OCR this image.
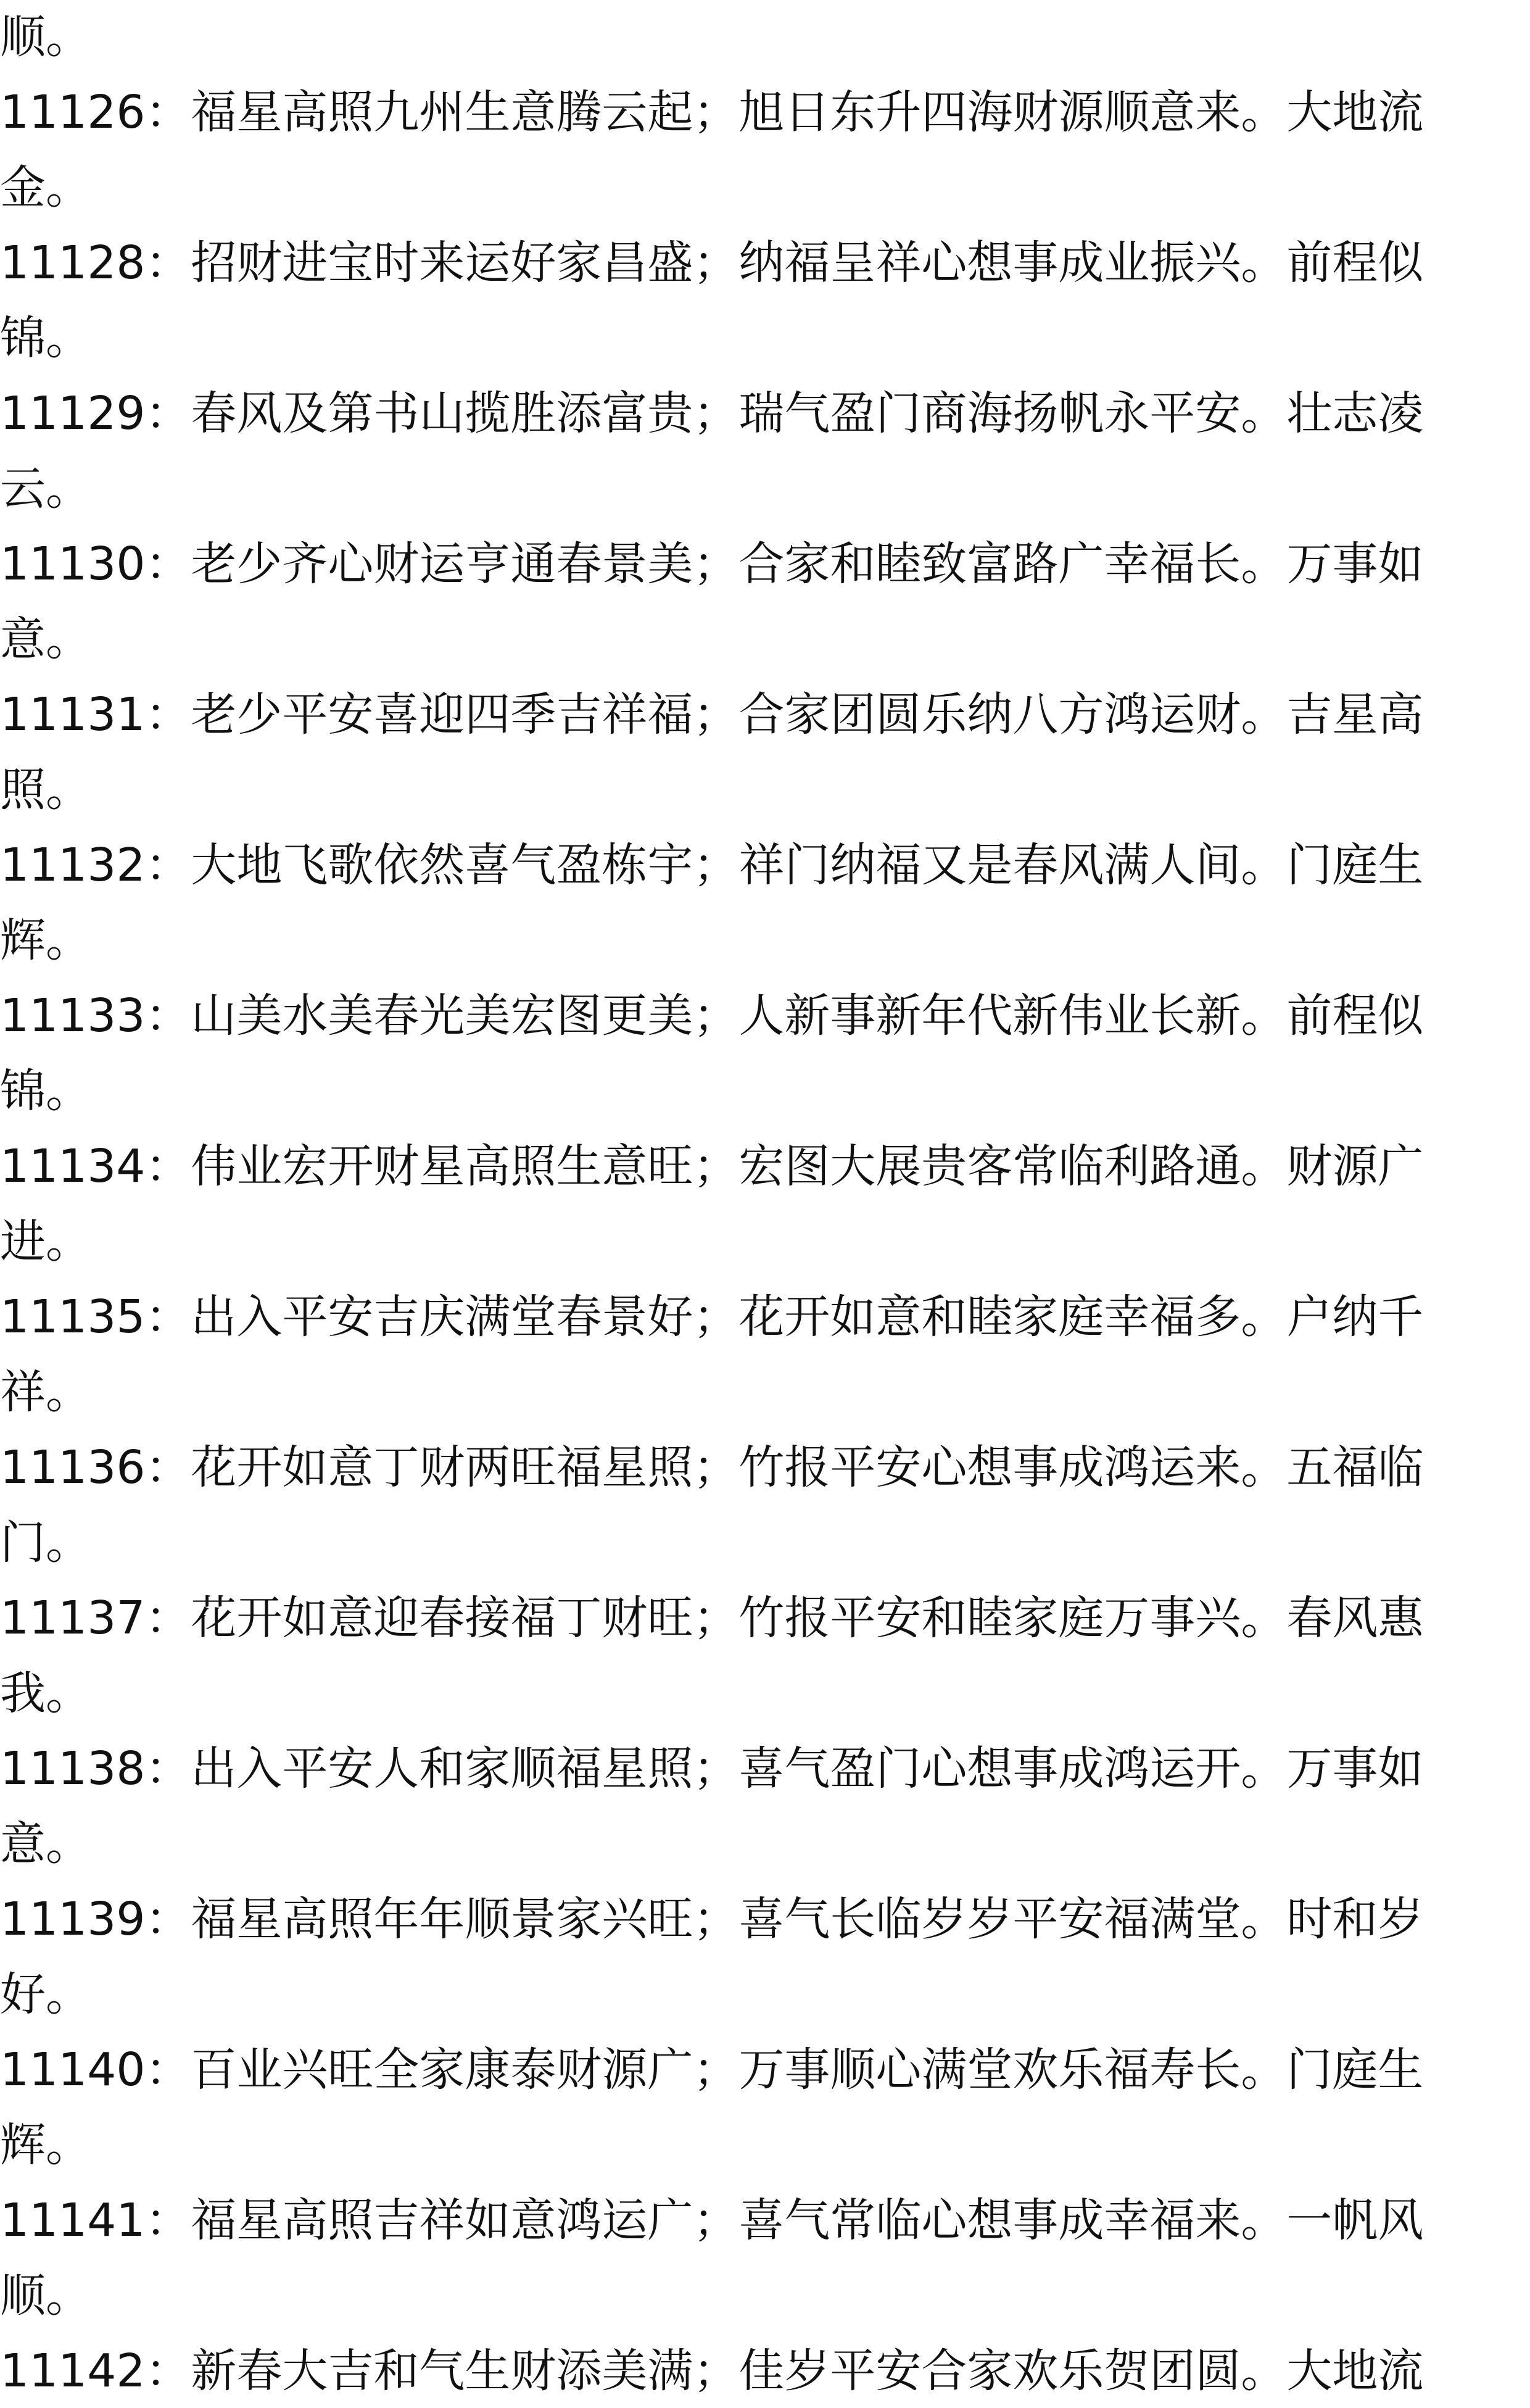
顺。
11126：福星高照九州生意腾云起；旭日东升四海财源顺意来。大地流
金。
11128：招财进宝时来运好家昌盛；纳福呈祥心想事成业振兴。前程似
锦。
11129：春风及第书山揽胜添富贵；瑞气盈门商海扬帆永平安。壮志凌
云。
11130：老少齐心财运亨通春景美；合家和睦致富路广幸福长。万事如
意。
11131：老少平安喜迎四季吉祥福；合家团圆乐纳八方鸿运财。吉星高
照。
11132：大地飞歌依然喜气盈栋宇；祥门纳福又是春风满人间。门庭生
辉。
11133：山美水美春光美宏图更美；人新事新年代新伟业长新。前程似
锦。
11134：伟业宏开财星高照生意旺；宏图大展贵客常临利路通。财源广
进。
11135：出入平安吉庆满堂春景好；花开如意和睦家庭幸福多。户纳千
祥。
11136：花开如意丁财两旺福星照；竹报平安心想事成鸿运来。五福临
门。
11137：花开如意迎春接福丁财旺；竹报平安和睦家庭万事兴。春风惠
我。
11138：出入平安人和家顺福星照；喜气盈门心想事成鸿运开。万事如
意。
11139：福星高照年年顺景家兴旺；喜气长临岁岁平安福满堂。时和岁
好。
11140：百业兴旺全家康泰财源广；万事顺心满堂欢乐福寿长。门庭生
辉。
11141：福星高照吉祥如意鸿运广；喜气常临心想事成幸福来。一帆风
顺。
11142：新春大吉和气生财添美满；佳岁平安合家欢乐贺团圆。大地流
